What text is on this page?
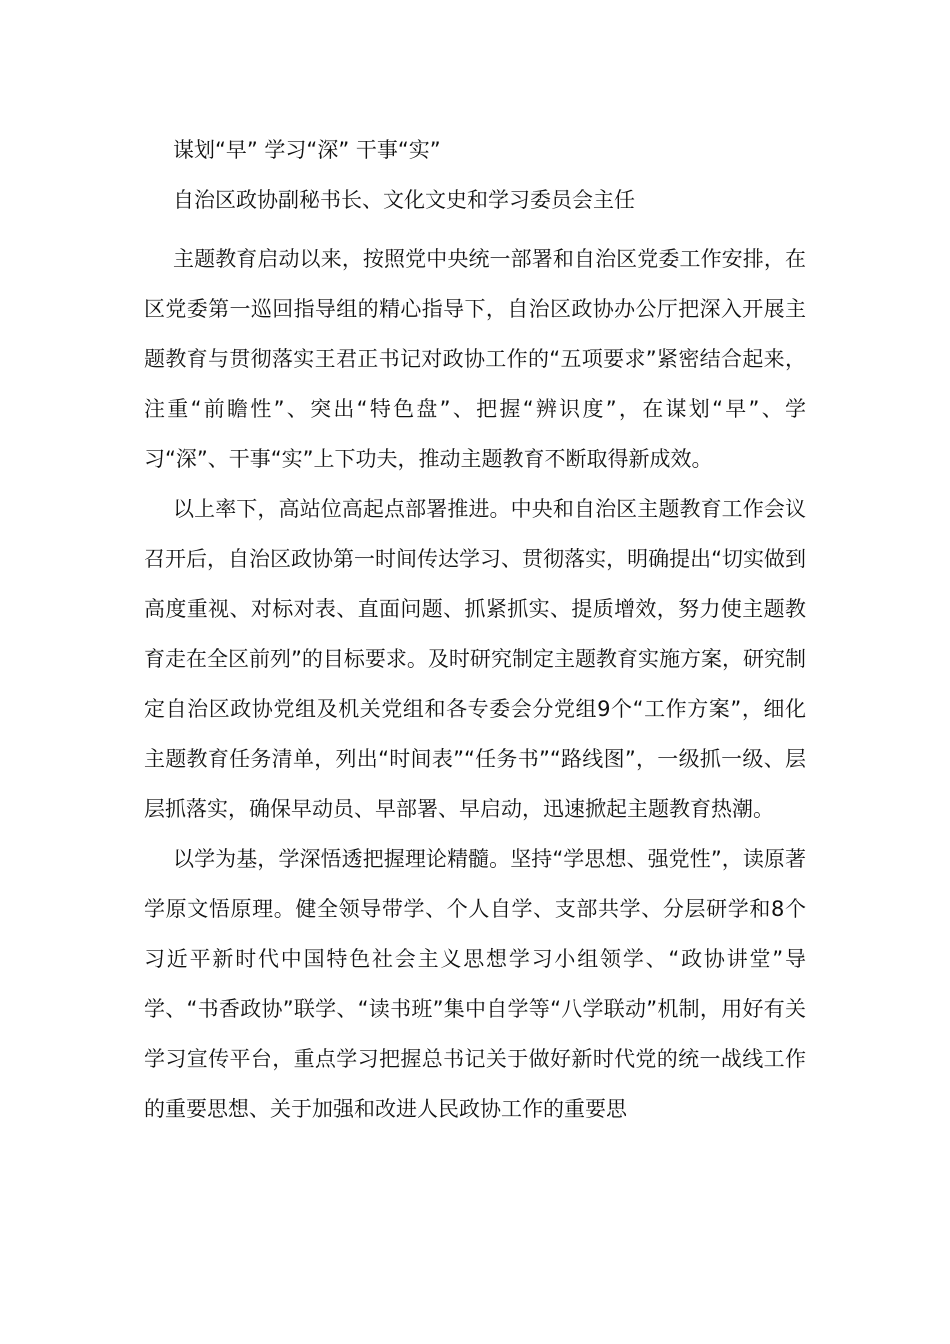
谋划“早” 学习“深” 干事“实”

自治区政协副秘书长、文化文史和学习委员会主任

主题教育启动以来，按照党中央统一部署和自治区党委工作安排，在区党委第一巡回指导组的精心指导下，自治区政协办公厅把深入开展主题教育与贯彻落实王君正书记对政协工作的“五项要求”紧密结合起来，注重“前瞻性”、突出“特色盘”、把握“辨识度”，在谋划“早”、学习“深”、干事“实”上下功夫，推动主题教育不断取得新成效。

以上率下，高站位高起点部署推进。中央和自治区主题教育工作会议召开后，自治区政协第一时间传达学习、贯彻落实，明确提出“切实做到高度重视、对标对表、直面问题、抓紧抓实、提质增效，努力使主题教育走在全区前列”的目标要求。及时研究制定主题教育实施方案，研究制定自治区政协党组及机关党组和各专委会分党组9个“工作方案”，细化主题教育任务清单，列出“时间表”“任务书”“路线图”，一级抓一级、层层抓落实，确保早动员、早部署、早启动，迅速掀起主题教育热潮。

以学为基，学深悟透把握理论精髓。坚持“学思想、强党性”，读原著学原文悟原理。健全领导带学、个人自学、支部共学、分层研学和8个习近平新时代中国特色社会主义思想学习小组领学、“政协讲堂”导学、“书香政协”联学、“读书班”集中自学等“八学联动”机制，用好有关学习宣传平台，重点学习把握总书记关于做好新时代党的统一战线工作的重要思想、关于加强和改进人民政协工作的重要思
